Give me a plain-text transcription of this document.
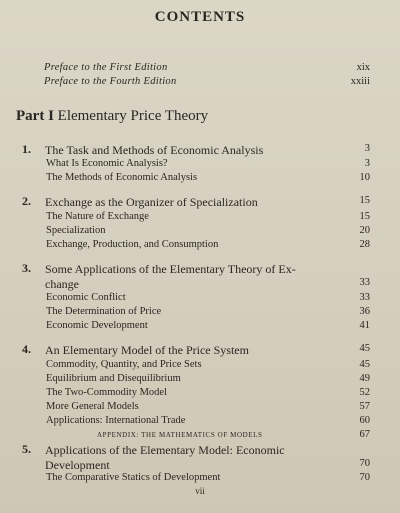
CONTENTS
Preface to the First Edition	xix
Preface to the Fourth Edition	xxiii
Part I Elementary Price Theory
1. The Task and Methods of Economic Analysis	3
What Is Economic Analysis?	3
The Methods of Economic Analysis	10
2. Exchange as the Organizer of Specialization	15
The Nature of Exchange	15
Specialization	20
Exchange, Production, and Consumption	28
3. Some Applications of the Elementary Theory of Ex-
change	33
Economic Conflict	33
The Determination of Price	36
Economic Development	41
4. An Elementary Model of the Price System	45
Commodity, Quantity, and Price Sets	45
Equilibrium and Disequilibrium	49
The Two-Commodity Model	52
More General Models	57
Applications: International Trade	60
APPENDIX: THE MATHEMATICS OF MODELS	67
5. Applications of the Elementary Model: Economic
Development	70
The Comparative Statics of Development	70
vii
